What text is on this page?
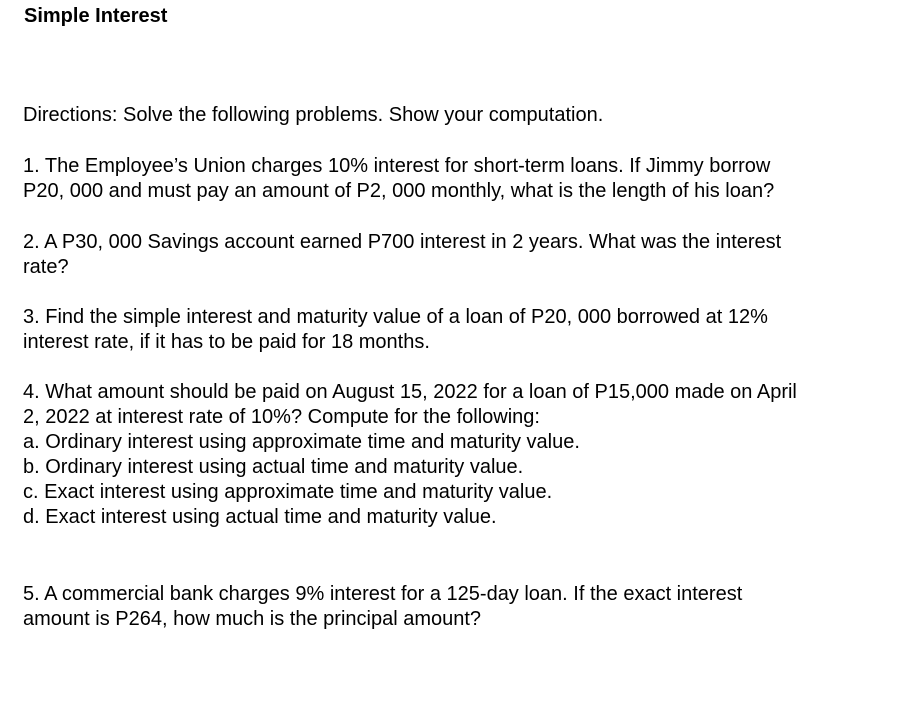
Simple Interest
Directions: Solve the following problems. Show your computation.
1. The Employee’s Union charges 10% interest for short-term loans. If Jimmy borrow
P20, 000 and must pay an amount of P2, 000 monthly, what is the length of his loan?
2. A P30, 000 Savings account earned P700 interest in 2 years. What was the interest
rate?
3. Find the simple interest and maturity value of a loan of P20, 000 borrowed at 12%
interest rate, if it has to be paid for 18 months.
4. What amount should be paid on August 15, 2022 for a loan of P15,000 made on April
2, 2022 at interest rate of 10%? Compute for the following:
a. Ordinary interest using approximate time and maturity value.
b. Ordinary interest using actual time and maturity value.
c. Exact interest using approximate time and maturity value.
d. Exact interest using actual time and maturity value.
5. A commercial bank charges 9% interest for a 125-day loan. If the exact interest
amount is P264, how much is the principal amount?
